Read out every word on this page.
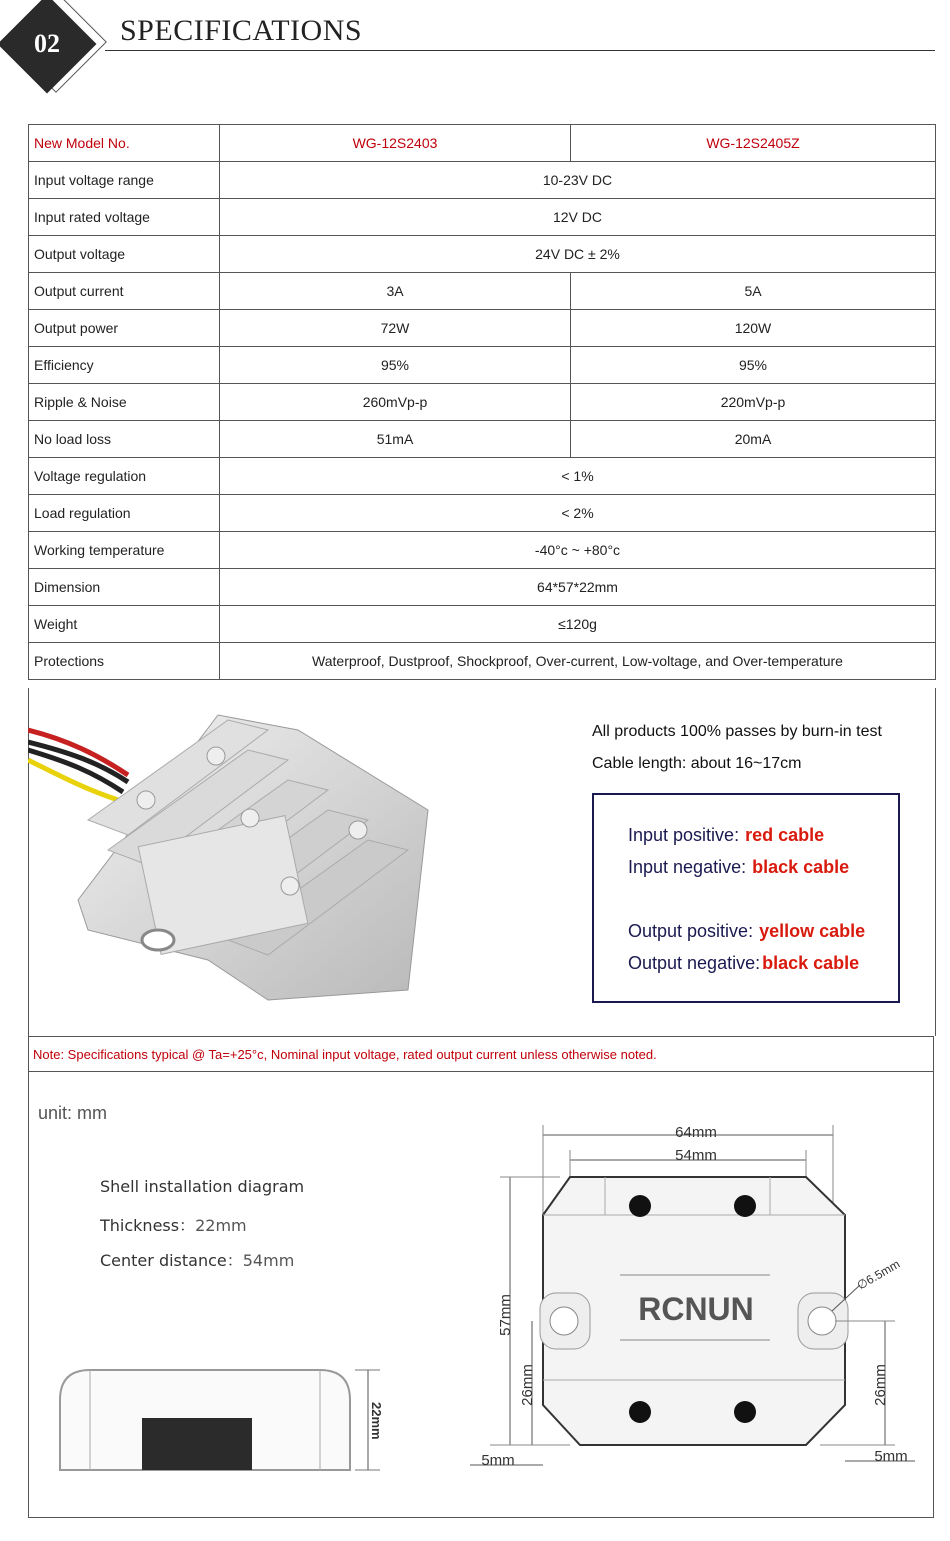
02	SPECIFICATIONS
New Model No.	WG-12S2403	WG-12S2405Z
Input voltage range	10-23V DC	
Input rated voltage	12V DC	
Output voltage	24V DC ± 2%	
Output current	3A	5A
Output power	72W	120W
Efficiency	95%	95%
Ripple & Noise	260mVp-p	220mVp-p
No load loss	51mA	20mA
Voltage regulation	< 1%	
Load regulation	< 2%	
Working temperature	-40°c ~ +80°c	
Dimension	64*57*22mm	
Weight	≤120g	
Protections	Waterproof, Dustproof, Shockproof, Over-current, Low-voltage, and Over-temperature	
All products 100% passes by burn-in test
Cable length: about 16~17cm
Input positive: red cable
Input negative: black cable
Output positive: yellow cable
Output negative: black cable
Note: Specifications typical @ Ta=+25°c, Nominal input voltage, rated output current unless otherwise noted.
unit: mm
Shell installation diagram
Thickness：22mm
Center distance：54mm
22mm
64mm
54mm
RCNUN
∅6.5mm
57mm
26mm	26mm
5mm	5mm
